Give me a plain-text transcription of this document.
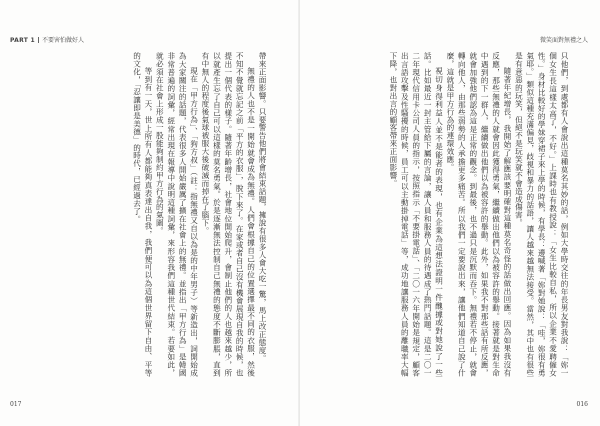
PART 1 不要害怕做好人

帶來正面影響。只要警告他們將會結束話題，擁說有很多人會大吃一驚，馬上改正態度。

無禮的人也不是一開始就會成為無禮。人們會根據自己的位置選擇最不同的衣服，然後不知不覺就忘記之前「平方的衣服」，脫下來了。在家或者自己沒有機會展現自我的時候，也提出一個代表的樣子。隨著年齡增長，社會地位開始爬升，會制止他們的人也越來越少，所以就產生忘了自己可以這樣的莫名勇氣。於是逐漸無法控制自己無禮的態度不斷膨脹，直到有中無人的程度後氣球被服大後破滅而掉在了腦下。

現在「甲方行為」、「狗方叔」（註：指無禮又自以為是的中年男子）等新造出，詞開始成為大家關注的話題，代表很多人開始嚴厲了擴在社會上的無禮。並指出「甲方行為」是韓國非常普遍的詞彙，經常出現在報導中說明這種詞彙，來形容我們這種世代結束。若要如此，就必須在社會上形成一股能夠制約甲方行為的氣圍。

等到有一天，世上所有人都能夠真表達出自我，我們便可以為這個世界留下自由、平等的文化，「忍讓即是美德」的時代，已經過去了。

017
微笑面對無禮之人

只他們，到處都有人會說出這種莫名其妙的話，例如大學時交往的年長男友對我說：「妳一個女生長這樣太高了，不好。」上課時也有教授說：「女生比較自私，所以企業不愛聘僱女性。」身材比較好的學妹穿裙子來上學的時候，有學長：邊喊著「妳對她說：「哇，妳很有勇氣耶。」類似這種充滿偏見，歧視和暴力的話語，讓人越來越無法接受。當然，其中也有很些是有意惡的玩笑，但絕不是玩笑就不會造成傷害。

隨著年紀增長，我開始了解應該要明確對這種莫名奇怪的話做出回應。因為如果我沒有反應，那些無禮的人就會因此獲得勇氣，繼續做出他們以為被容許的舉動。接著就是對生命中遇到的下一群人，繼續做出他們以為被容許的舉動。此外，如果我不對那些話有所反應，就會加強他們認為這是正常的觀念。到最後，也不過只是沉默而吞下。無禮若不停止，就會轉向他人，由那些弱勢的人承擔更多痛苦。所以我們一定要說出來，讓他們知道自己說了什麼，這就是甲方行為的連環效應。

視切身得利益人並不是能者的表現，也有企業為這想法證明一件醜據或對她說了一些話。比如最近一封主管給下屬的言論，讓人員和服務人員的待遇成了熱門話題。這是二〇一二年現代信用卡公司人員的指示，按照指示「不要掛電話」、「二〇一六年開始是規定，顧客出言語攻擊及性騷擾的時候，員工可以主動掛掉電話」等，成功地讓服務人員的離職率大幅下降，也對出言的顧客帶來正面影響。

016
